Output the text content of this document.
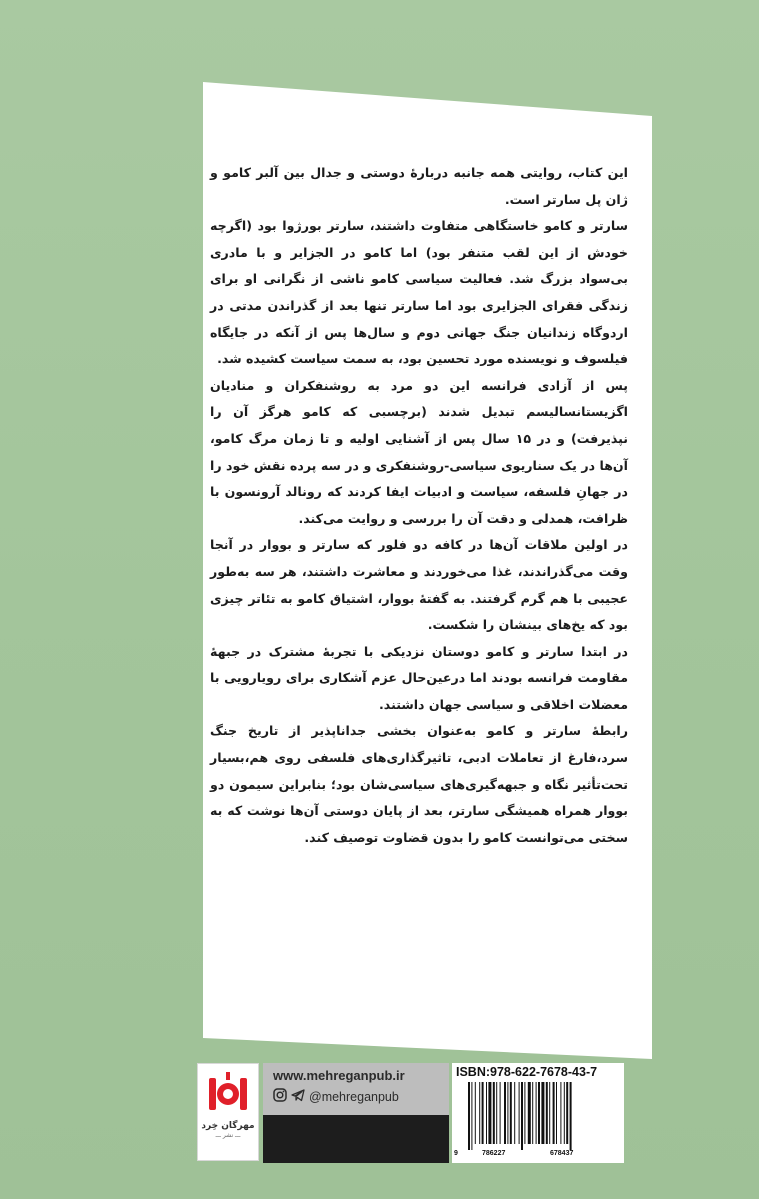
این کتاب، روایتی همه جانبه دربارهٔ دوستی و جدال بین آلبر کامو و ژان پل سارتر است.

سارتر و کامو خاستگاهی متفاوت داشتند، سارتر بورژوا بود (اگرچه خودش از این لقب متنفر بود) اما کامو در الجزایر و با مادری بی‌سواد بزرگ شد. فعالیت سیاسی کامو ناشی از نگرانی او برای زندگی فقرای الجزایری بود اما سارتر تنها بعد از گذراندن مدتی در اردوگاه زندانیان جنگ جهانی دوم و سال‌ها پس از آنکه در جایگاه فیلسوف و نویسنده مورد تحسین بود، به سمت سیاست کشیده شد.

پس از آزادی فرانسه این دو مرد به روشنفکران و منادیان اگزیستانسالیسم تبدیل شدند (برچسبی که کامو هرگز آن را نپذیرفت) و در ۱۵ سال پس از آشنایی اولیه و تا زمان مرگ کامو، آن‌ها در یک سناریوی سیاسی-روشنفکری و در سه پرده نقش خود را در جهانِ فلسفه، سیاست و ادبیات ایفا کردند که رونالد آرونسون با ظرافت، همدلی و دقت آن را بررسی و روایت می‌کند.

در اولین ملاقات آن‌ها در کافه دو فلور که سارتر و بووار در آنجا وقت می‌گذراندند، غذا می‌خوردند و معاشرت داشتند، هر سه به‌طور عجیبی با هم گرم گرفتند. به گفتهٔ بووار، اشتیاق کامو به تئاتر چیزی بود که یخ‌های بینشان را شکست.

در ابتدا سارتر و کامو دوستان نزدیکی با تجربهٔ مشترک در جبههٔ مقاومت فرانسه بودند اما درعین‌حال عزم آشکاری برای رویارویی با معضلات اخلاقی و سیاسی جهان داشتند.

رابطهٔ سارتر و کامو به‌عنوان بخشی جدانا‌پذیر از تاریخ جنگ سرد،فارغ از تعاملات ادبی، تاثیرگذاری‌های فلسفی روی هم،بسیار تحت‌تأثیر نگاه و جبهه‌گیری‌های سیاسی‌شان بود؛ بنابراین سیمون دو بووار همراه همیشگی سارتر، بعد از پایان دوستی آن‌ها نوشت که به سختی می‌توانست کامو را بدون قضاوت توصیف کند.

مهرگان خِرد
ـــ نشر ـــ
www.mehreganpub.ir
@mehreganpub
ISBN:978-622-7678-43-7
9	786227	678437
